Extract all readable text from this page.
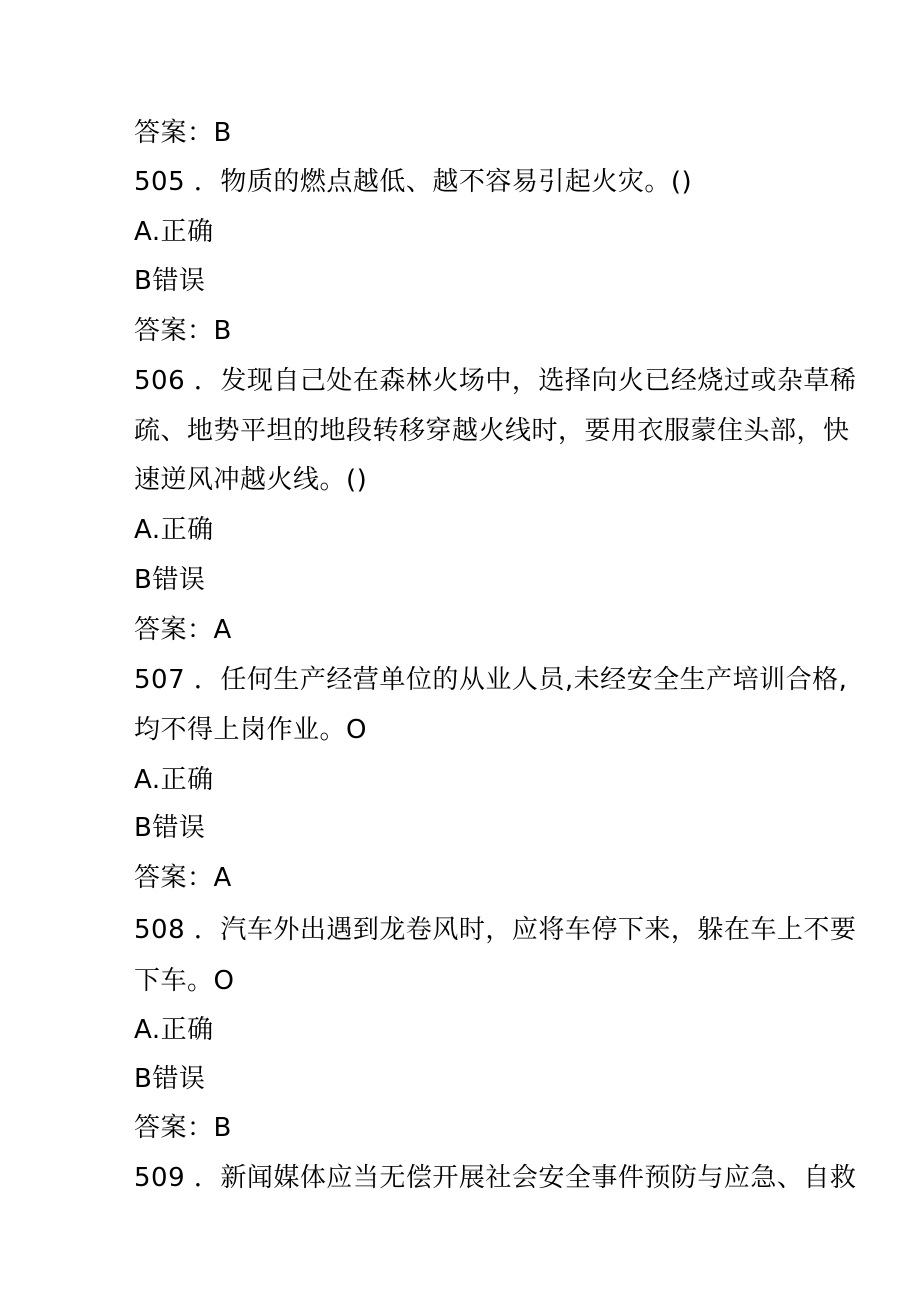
答案：B
505 ．物质的燃点越低、越不容易引起火灾。()
A.正确
B错误
答案：B
506 ．发现自己处在森林火场中，选择向火已经烧过或杂草稀
疏、地势平坦的地段转移穿越火线时，要用衣服蒙住头部，快
速逆风冲越火线。()
A.正确
B错误
答案：A
507 ．任何生产经营单位的从业人员,未经安全生产培训合格,
均不得上岗作业。O
A.正确
B错误
答案：A
508 ．汽车外出遇到龙卷风时，应将车停下来，躲在车上不要
下车。O
A.正确
B错误
答案：B
509 ．新闻媒体应当无偿开展社会安全事件预防与应急、自救
